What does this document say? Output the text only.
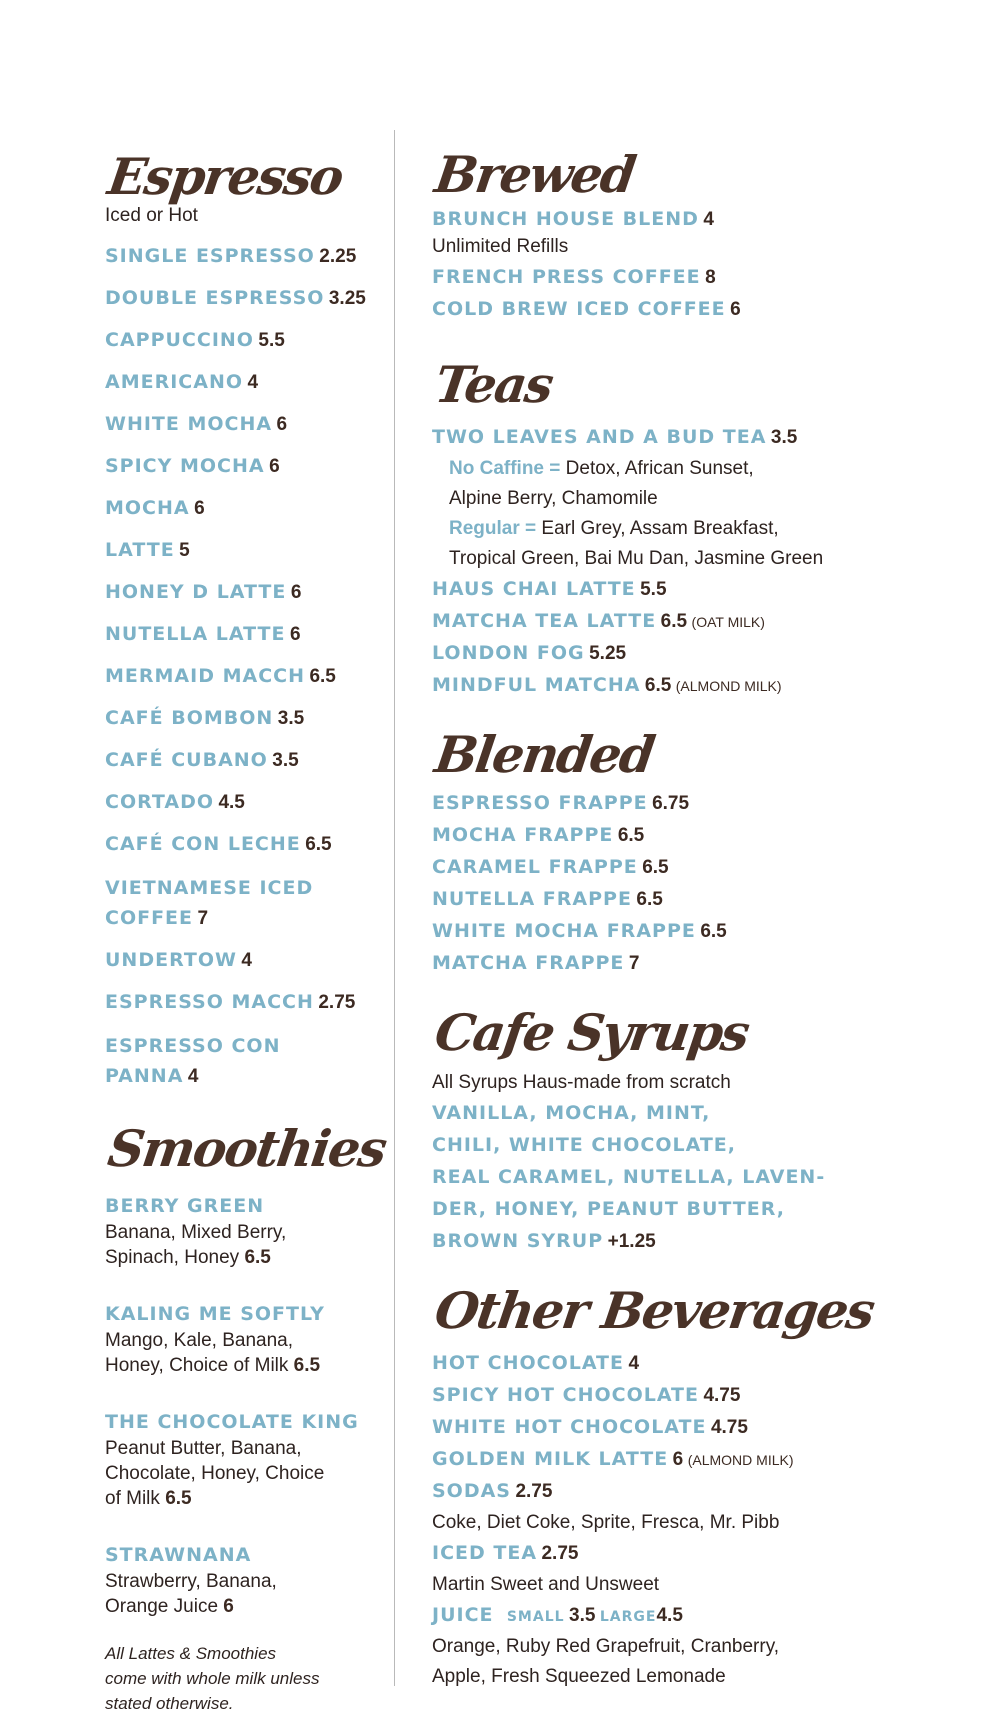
Espresso
Iced or Hot
SINGLE ESPRESSO 2.25
DOUBLE ESPRESSO 3.25
CAPPUCCINO 5.5
AMERICANO 4
WHITE MOCHA 6
SPICY MOCHA 6
MOCHA 6
LATTE 5
HONEY D LATTE 6
NUTELLA LATTE 6
MERMAID MACCH 6.5
CAFÉ BOMBON 3.5
CAFÉ CUBANO 3.5
CORTADO 4.5
CAFÉ CON LECHE 6.5
VIETNAMESE ICED COFFEE 7
UNDERTOW 4
ESPRESSO MACCH 2.75
ESPRESSO CON PANNA 4
Smoothies
BERRY GREEN
Banana, Mixed Berry, Spinach, Honey 6.5
KALING ME SOFTLY
Mango, Kale, Banana, Honey, Choice of Milk 6.5
THE CHOCOLATE KING
Peanut Butter, Banana, Chocolate, Honey, Choice of Milk 6.5
STRAWNANA
Strawberry, Banana, Orange Juice 6
All Lattes & Smoothies come with whole milk unless stated otherwise.
Brewed
BRUNCH HOUSE BLEND 4
Unlimited Refills
FRENCH PRESS COFFEE 8
COLD BREW ICED COFFEE 6
Teas
TWO LEAVES AND A BUD TEA 3.5
No Caffine = Detox, African Sunset,
Alpine Berry, Chamomile
Regular = Earl Grey, Assam Breakfast,
Tropical Green, Bai Mu Dan, Jasmine Green
HAUS CHAI LATTE 5.5
MATCHA TEA LATTE 6.5 (OAT MILK)
LONDON FOG 5.25
MINDFUL MATCHA 6.5 (ALMOND MILK)
Blended
ESPRESSO FRAPPE 6.75
MOCHA FRAPPE 6.5
CARAMEL FRAPPE 6.5
NUTELLA FRAPPE 6.5
WHITE MOCHA FRAPPE 6.5
MATCHA FRAPPE 7
Cafe Syrups
All Syrups Haus-made from scratch
VANILLA, MOCHA, MINT,
CHILI, WHITE CHOCOLATE,
REAL CARAMEL, NUTELLA, LAVEN-
DER, HONEY, PEANUT BUTTER,
BROWN SYRUP +1.25
Other Beverages
HOT CHOCOLATE 4
SPICY HOT CHOCOLATE 4.75
WHITE HOT CHOCOLATE 4.75
GOLDEN MILK LATTE 6 (ALMOND MILK)
SODAS 2.75
Coke, Diet Coke, Sprite, Fresca, Mr. Pibb
ICED TEA 2.75
Martin Sweet and Unsweet
JUICE SMALL 3.5 LARGE4.5
Orange, Ruby Red Grapefruit, Cranberry,
Apple, Fresh Squeezed Lemonade
